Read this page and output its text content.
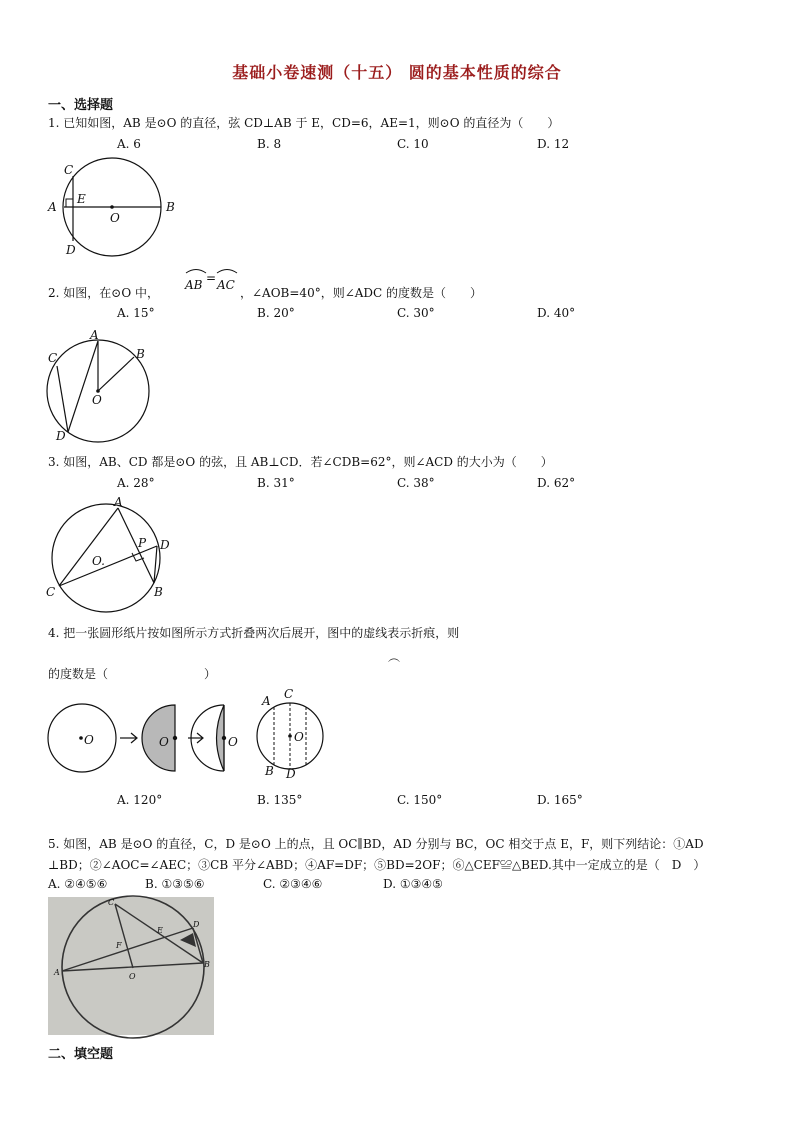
基础小卷速测（十五） 圆的基本性质的综合
一、选择题
1. 已知如图，AB 是⊙O 的直径，弦 CD⊥AB 于 E，CD=6，AE=1，则⊙O 的直径为（　　）
A. 6	B. 8	C. 10	D. 12
A	B
C
D
E
O
2. 如图，在⊙O 中，
AB = AC
，∠AOB=40°，则∠ADC 的度数是（　　）
A. 15°	B. 20°	C. 30°	D. 40°
A
B
C
D
O
3. 如图，AB、CD 都是⊙O 的弦，且 AB⊥CD．若∠CDB=62°，则∠ACD 的大小为（　　）
A. 28°	B. 31°	C. 38°	D. 62°
A
B
C
D
P
O.
4. 把一张圆形纸片按如图所示方式折叠两次后展开，图中的虚线表示折痕，则
︵
的度数是（　　　　　　　　）
A. 120°	B. 135°	C. 150°	D. 165°
O	O	O
A
B
C
D
O
5. 如图，AB 是⊙O 的直径，C，D 是⊙O 上的点，且 OC∥BD，AD 分别与 BC，OC 相交于点 E，F，则下列结论：①AD
⊥BD；②∠AOC=∠AEC；③CB 平分∠ABD；④AF=DF；⑤BD=2OF；⑥△CEF≌△BED.其中一定成立的是（　D　）
A. ②④⑤⑥	B. ①③⑤⑥	C. ②③④⑥	D. ①③④⑤
C
D
E
F
A
B
O
二、填空题
